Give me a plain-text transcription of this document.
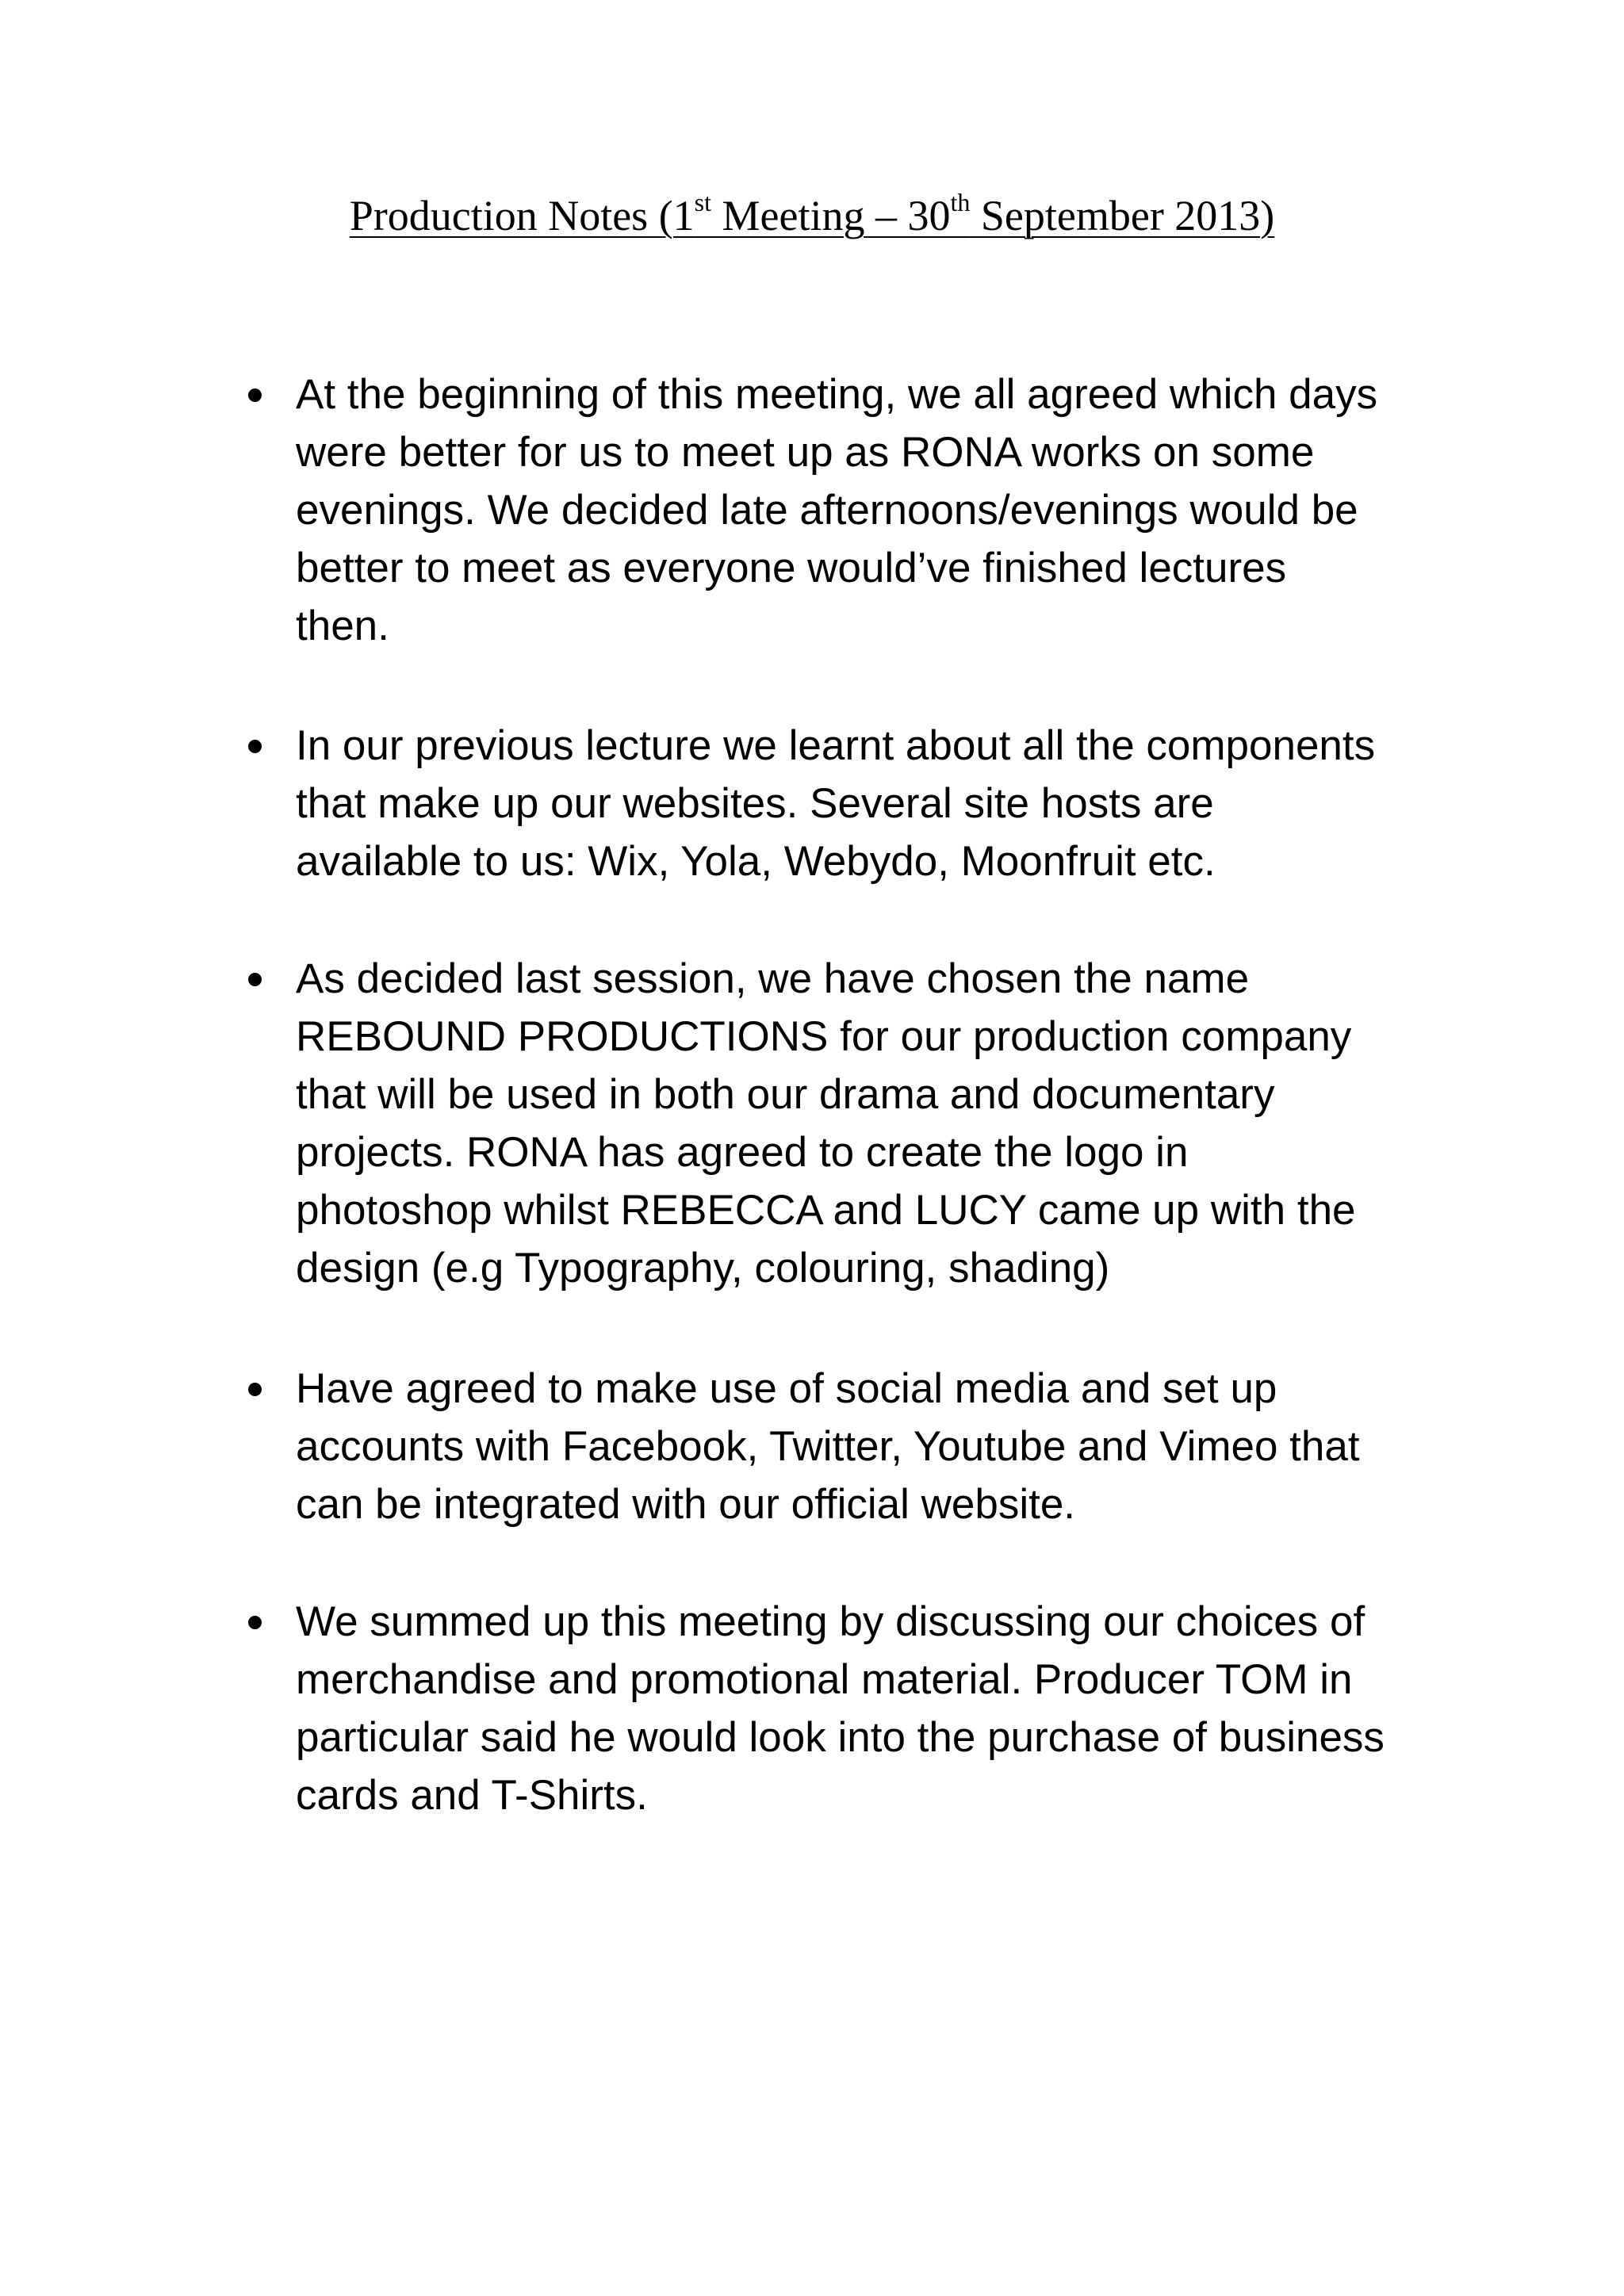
Production Notes (1st Meeting – 30th September 2013)
At the beginning of this meeting, we all agreed which days
were better for us to meet up as RONA works on some
evenings. We decided late afternoons/evenings would be
better to meet as everyone would’ve finished lectures
then.
In our previous lecture we learnt about all the components
that make up our websites. Several site hosts are
available to us: Wix, Yola, Webydo, Moonfruit etc.
As decided last session, we have chosen the name
REBOUND PRODUCTIONS for our production company
that will be used in both our drama and documentary
projects. RONA has agreed to create the logo in
photoshop whilst REBECCA and LUCY came up with the
design (e.g Typography, colouring, shading)
Have agreed to make use of social media and set up
accounts with Facebook, Twitter, Youtube and Vimeo that
can be integrated with our official website.
We summed up this meeting by discussing our choices of
merchandise and promotional material. Producer TOM in
particular said he would look into the purchase of business
cards and T-Shirts.
